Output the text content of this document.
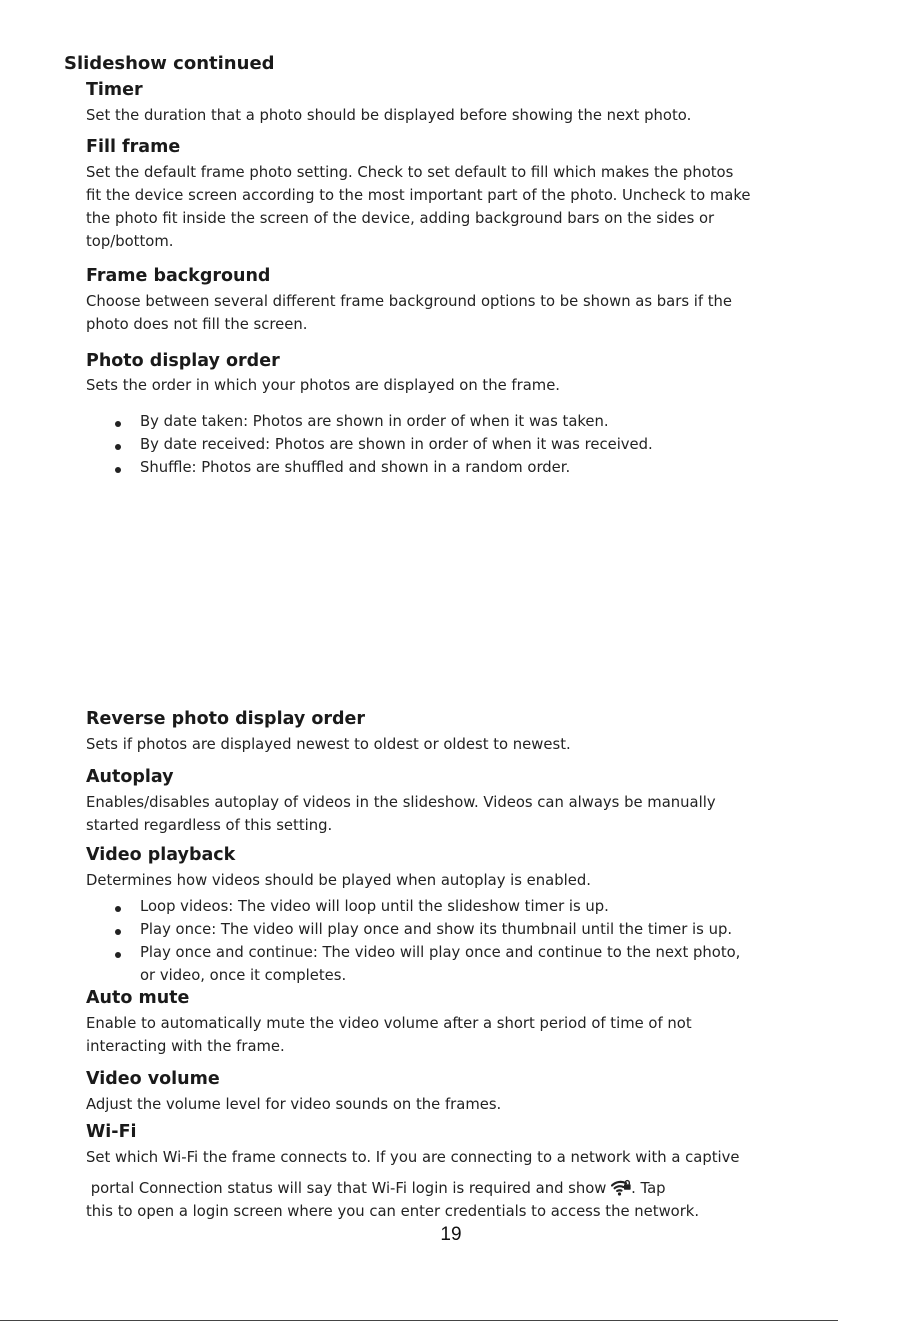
Slideshow continued
Timer

Set the duration that a photo should be displayed before showing the next photo.

Fill frame

Set the default frame photo setting. Check to set default to fill which makes the photos

fit the device screen according to the most important part of the photo. Uncheck to make

the photo fit inside the screen of the device, adding background bars on the sides or

top/bottom.

Frame background

Choose between several different frame background options to be shown as bars if the

photo does not fill the screen.

Photo display order

Sets the order in which your photos are displayed on the frame.

By date taken: Photos are shown in order of when it was taken.

By date received: Photos are shown in order of when it was received.

Shuffle: Photos are shuffled and shown in a random order.

Reverse photo display order

Sets if photos are displayed newest to oldest or oldest to newest.

Autoplay

Enables/disables autoplay of videos in the slideshow. Videos can always be manually

started regardless of this setting.

Video playback

Determines how videos should be played when autoplay is enabled.

Loop videos: The video will loop until the slideshow timer is up.

Play once: The video will play once and show its thumbnail until the timer is up.

Play once and continue: The video will play once and continue to the next photo,

or video, once it completes.

Auto mute

Enable to automatically mute the video volume after a short period of time of not

interacting with the frame.

Video volume

Adjust the volume level for video sounds on the frames.

Wi-Fi

Set which Wi-Fi the frame connects to. If you are connecting to a network with a captive

portal Connection status will say that Wi-Fi login is required and show . Tap

this to open a login screen where you can enter credentials to access the network.

19
